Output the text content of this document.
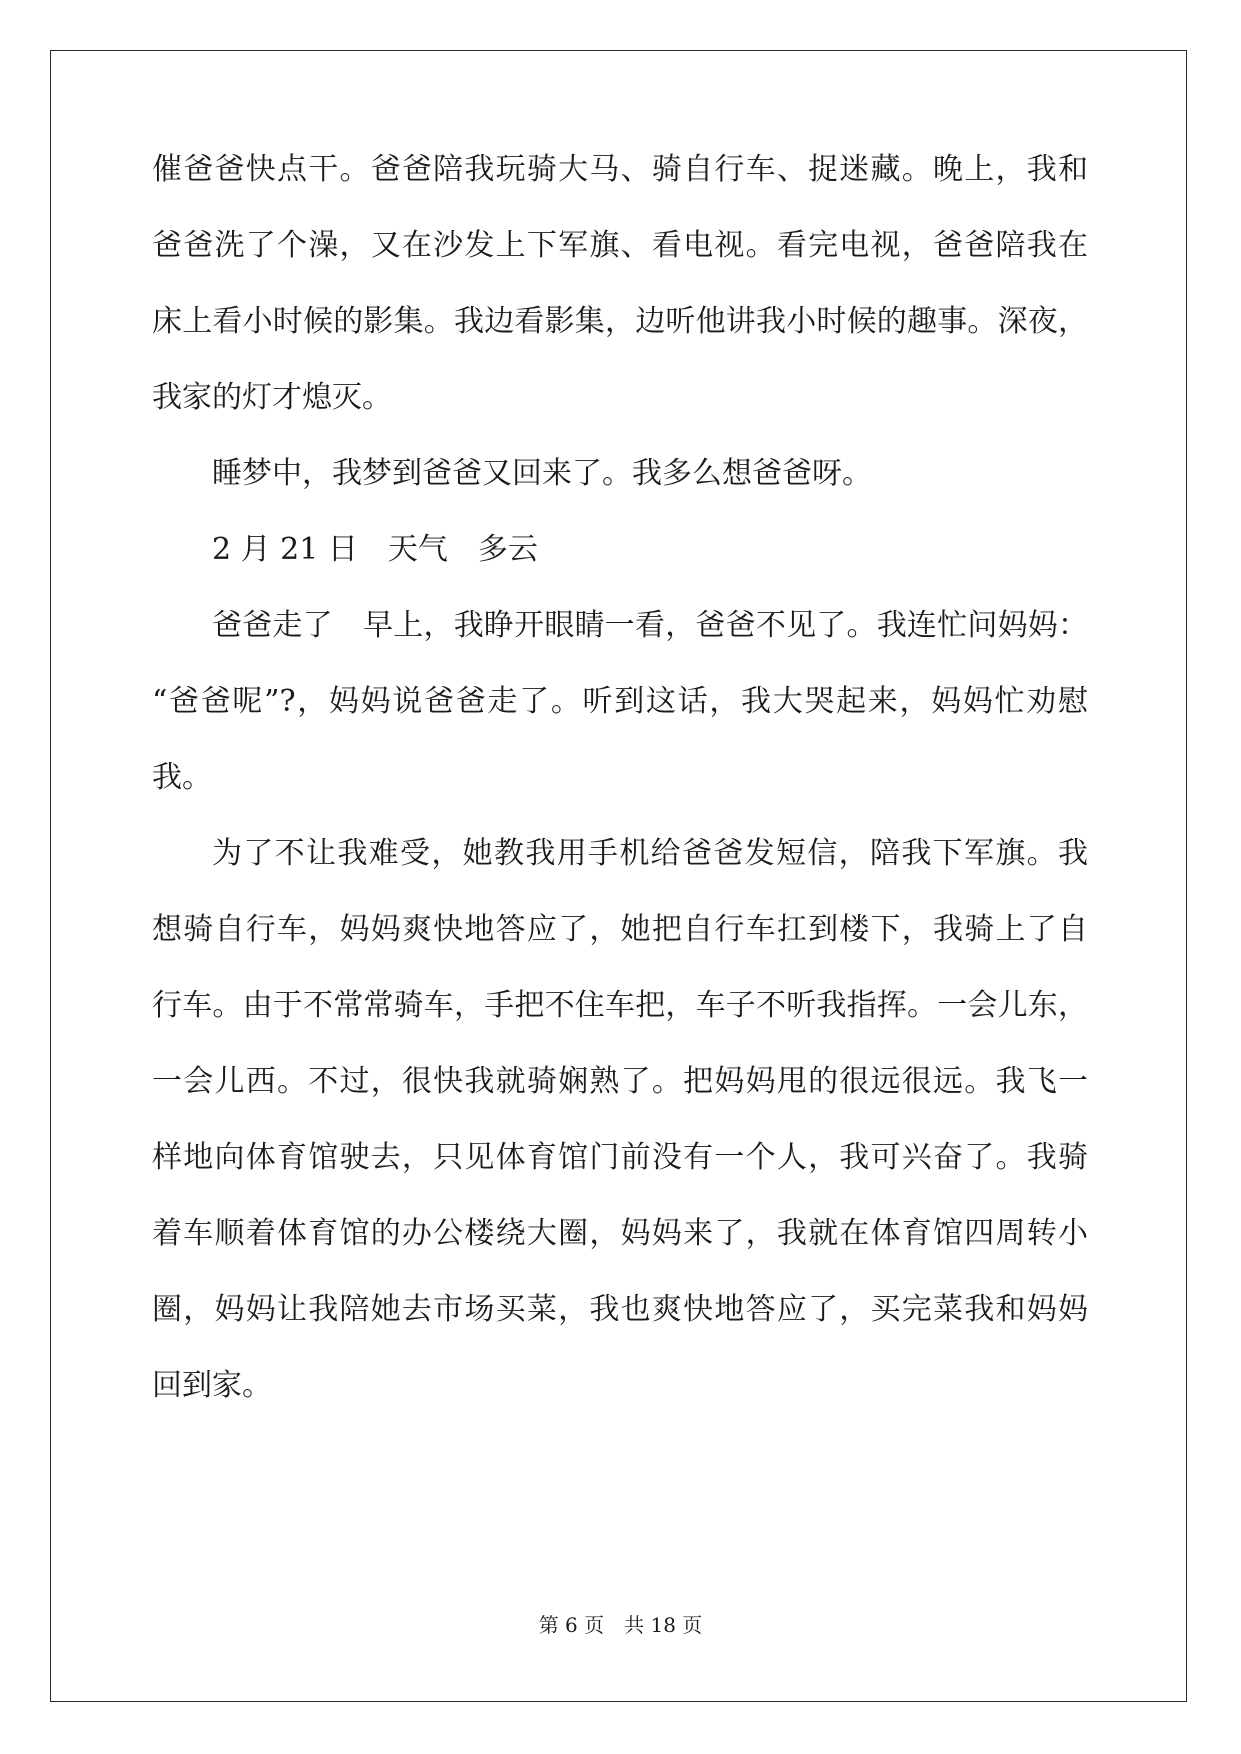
催爸爸快点干。爸爸陪我玩骑大马、骑自行车、捉迷藏。晚上，我和

爸爸洗了个澡，又在沙发上下军旗、看电视。看完电视，爸爸陪我在

床上看小时候的影集。我边看影集，边听他讲我小时候的趣事。深夜，

我家的灯才熄灭。

睡梦中，我梦到爸爸又回来了。我多么想爸爸呀。

2 月 21 日　天气　多云

爸爸走了　早上，我睁开眼睛一看，爸爸不见了。我连忙问妈妈：

“爸爸呢”?，妈妈说爸爸走了。听到这话，我大哭起来，妈妈忙劝慰

我。

为了不让我难受，她教我用手机给爸爸发短信，陪我下军旗。我

想骑自行车，妈妈爽快地答应了，她把自行车扛到楼下，我骑上了自

行车。由于不常常骑车，手把不住车把，车子不听我指挥。一会儿东，

一会儿西。不过，很快我就骑娴熟了。把妈妈甩的很远很远。我飞一

样地向体育馆驶去，只见体育馆门前没有一个人，我可兴奋了。我骑

着车顺着体育馆的办公楼绕大圈，妈妈来了，我就在体育馆四周转小

圈，妈妈让我陪她去市场买菜，我也爽快地答应了，买完菜我和妈妈

回到家。

第 6 页　共 18 页
